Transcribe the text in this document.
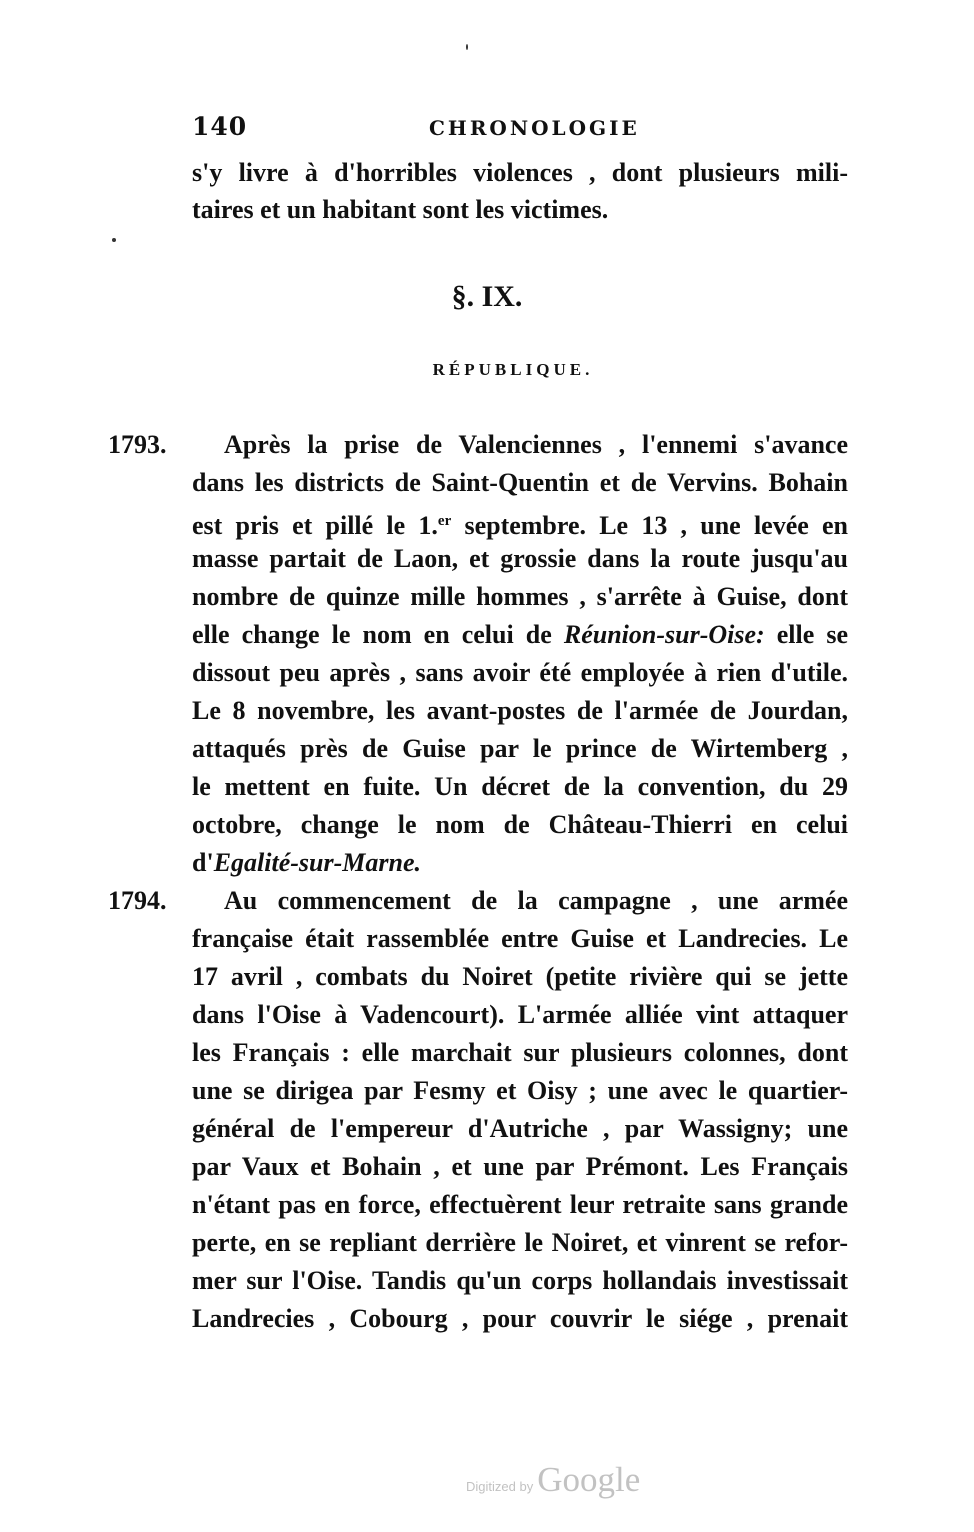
140	CHRONOLOGIE
s'y livre à d'horribles violences , dont plusieurs mili-
taires et un habitant sont les victimes.
§. IX.
RÉPUBLIQUE.
1793. Après la prise de Valenciennes , l'ennemi s'avance
dans les districts de Saint-Quentin et de Vervins. Bohain
est pris et pillé le 1.$^{er}$ septembre. Le 13 , une levée en
masse partait de Laon, et grossie dans la route jusqu'au
nombre de quinze mille hommes , s'arrête à Guise, dont
elle change le nom en celui de Réunion-sur-Oise: elle se
dissout peu après , sans avoir été employée à rien d'utile.
Le 8 novembre, les avant-postes de l'armée de Jourdan,
attaqués près de Guise par le prince de Wirtemberg ,
le mettent en fuite. Un décret de la convention, du 29
octobre, change le nom de Château-Thierri en celui
d'Egalité-sur-Marne.
1794. Au commencement de la campagne , une armée
française était rassemblée entre Guise et Landrecies. Le
17 avril , combats du Noiret (petite rivière qui se jette
dans l'Oise à Vadencourt). L'armée alliée vint attaquer
les Français : elle marchait sur plusieurs colonnes, dont
une se dirigea par Fesmy et Oisy ; une avec le quartier-
général de l'empereur d'Autriche , par Wassigny; une
par Vaux et Bohain , et une par Prémont. Les Français
n'étant pas en force, effectuèrent leur retraite sans grande
perte, en se repliant derrière le Noiret, et vinrent se refor-
mer sur l'Oise. Tandis qu'un corps hollandais investissait
Landrecies , Cobourg , pour couvrir le siége , prenait
Digitized by Google
